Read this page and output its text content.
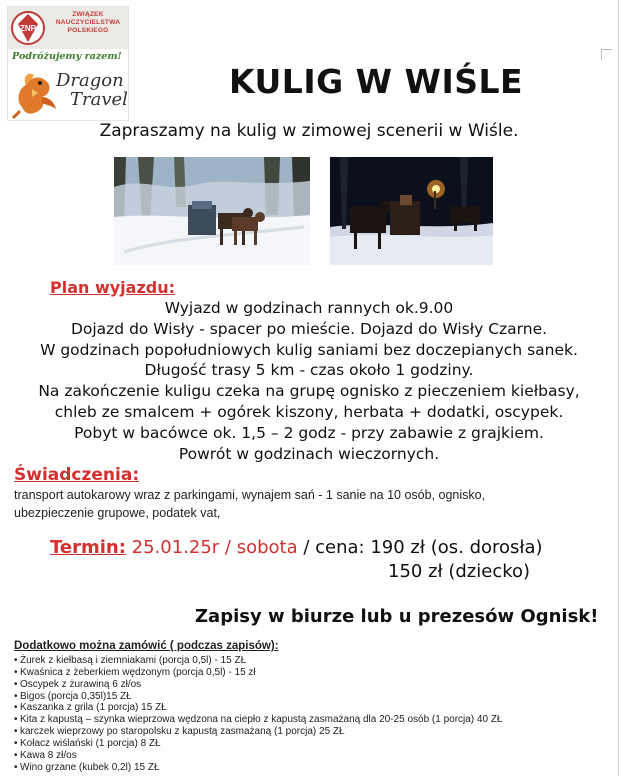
ZNP
ZWIĄZEK
NAUCZYCIELSTWA
POLSKIEGO
Podróżujemy razem!
Dragon
Travel	KULIG W WIŚLE
Zapraszamy na kulig w zimowej scenerii w Wiśle.
Plan wyjazdu:
Wyjazd w godzinach rannych ok.9.00
Dojazd do Wisły - spacer po mieście. Dojazd do Wisły Czarne.
W godzinach popołudniowych kulig saniami bez doczepianych sanek.
Długość trasy 5 km - czas około 1 godziny.
Na zakończenie kuligu czeka na grupę ognisko z pieczeniem kiełbasy,
chleb ze smalcem + ogórek kiszony, herbata + dodatki, oscypek.
Pobyt w bacówce ok. 1,5 – 2 godz - przy zabawie z grajkiem.
Powrót w godzinach wieczornych.
Świadczenia:
transport autokarowy wraz z parkingami, wynajem sań - 1 sanie na 10 osób, ognisko,
ubezpieczenie grupowe, podatek vat,
Termin: 25.01.25r / sobota / cena: 190 zł (os. dorosła)
150 zł (dziecko)
Zapisy w biurze lub u prezesów Ognisk!
Dodatkowo można zamówić ( podczas zapisów):
• Żurek z kiełbasą i ziemniakami (porcja 0,5l) - 15 ZŁ
• Kwaśnica z żeberkiem wędzonym (porcja 0,5l) - 15 zł
• Oscypek z żurawiną 6 zł/os
• Bigos (porcja 0,35l)15 ZŁ
• Kaszanka z grila (1 porcja) 15 ZŁ
• Kita z kapustą – szynka wieprzowa wędzona na ciepło z kapustą zasmażaną dla 20-25 osób (1 porcja) 40 ZŁ
• karczek wieprzowy po staropolsku z kapustą zasmażaną (1 porcja) 25 ZŁ
• Kołacz wiślański (1 porcja) 8 ZŁ
• Kawa 8 zł/os
• Wino grzane (kubek 0,2l) 15 ZŁ
